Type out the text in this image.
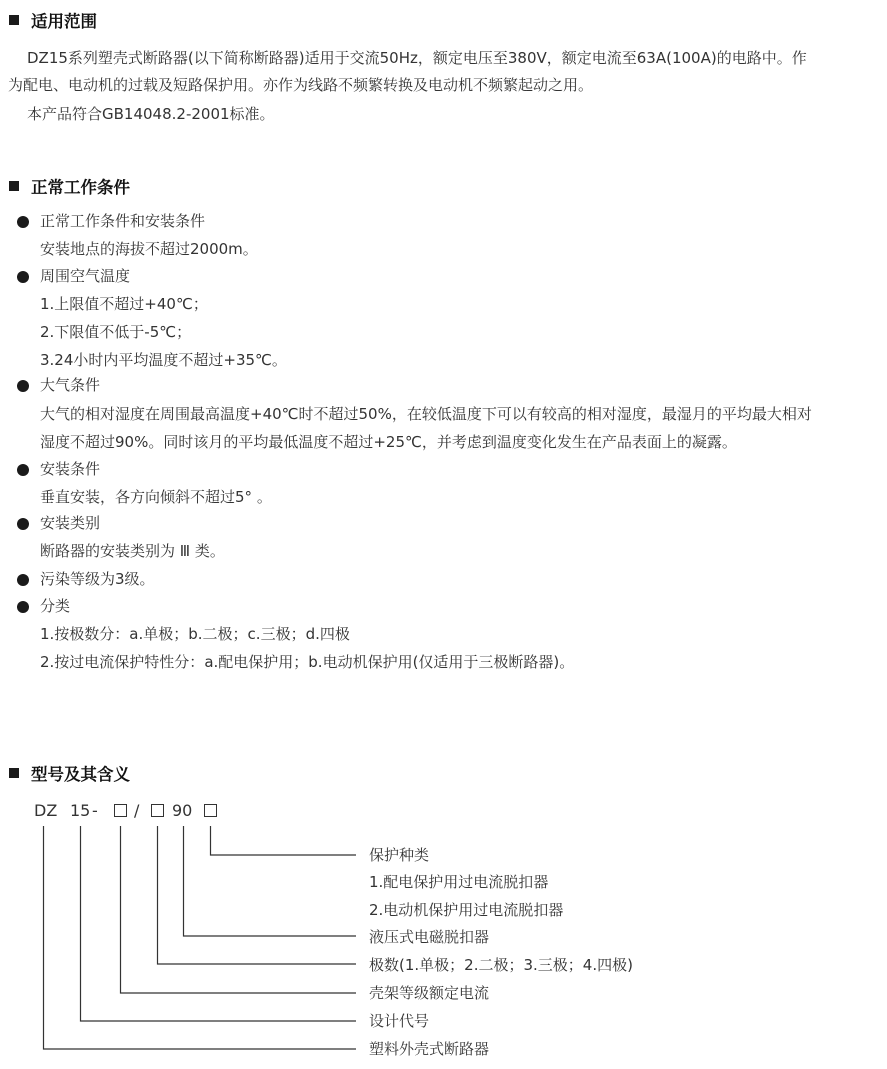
适用范围
DZ15系列塑壳式断路器(以下简称断路器)适用于交流50Hz，额定电压至380V，额定电流至63A(100A)的电路中。作
为配电、电动机的过载及短路保护用。亦作为线路不频繁转换及电动机不频繁起动之用。
本产品符合GB14048.2-2001标准。
正常工作条件
正常工作条件和安装条件
安装地点的海拔不超过2000m。
周围空气温度
1.上限值不超过+40℃；
2.下限值不低于-5℃；
3.24小时内平均温度不超过+35℃。
大气条件
大气的相对湿度在周围最高温度+40℃时不超过50%，在较低温度下可以有较高的相对湿度，最湿月的平均最大相对
湿度不超过90%。同时该月的平均最低温度不超过+25℃，并考虑到温度变化发生在产品表面上的凝露。
安装条件
垂直安装，各方向倾斜不超过5° 。
安装类别
断路器的安装类别为 Ⅲ 类。
污染等级为3级。
分类
1.按极数分：a.单极；b.二极；c.三极；d.四极
2.按过电流保护特性分：a.配电保护用；b.电动机保护用(仅适用于三极断路器)。
型号及其含义
DZ 15 - / 90
保护种类
1.配电保护用过电流脱扣器
2.电动机保护用过电流脱扣器
液压式电磁脱扣器
极数(1.单极；2.二极；3.三极；4.四极)
壳架等级额定电流
设计代号
塑料外壳式断路器
